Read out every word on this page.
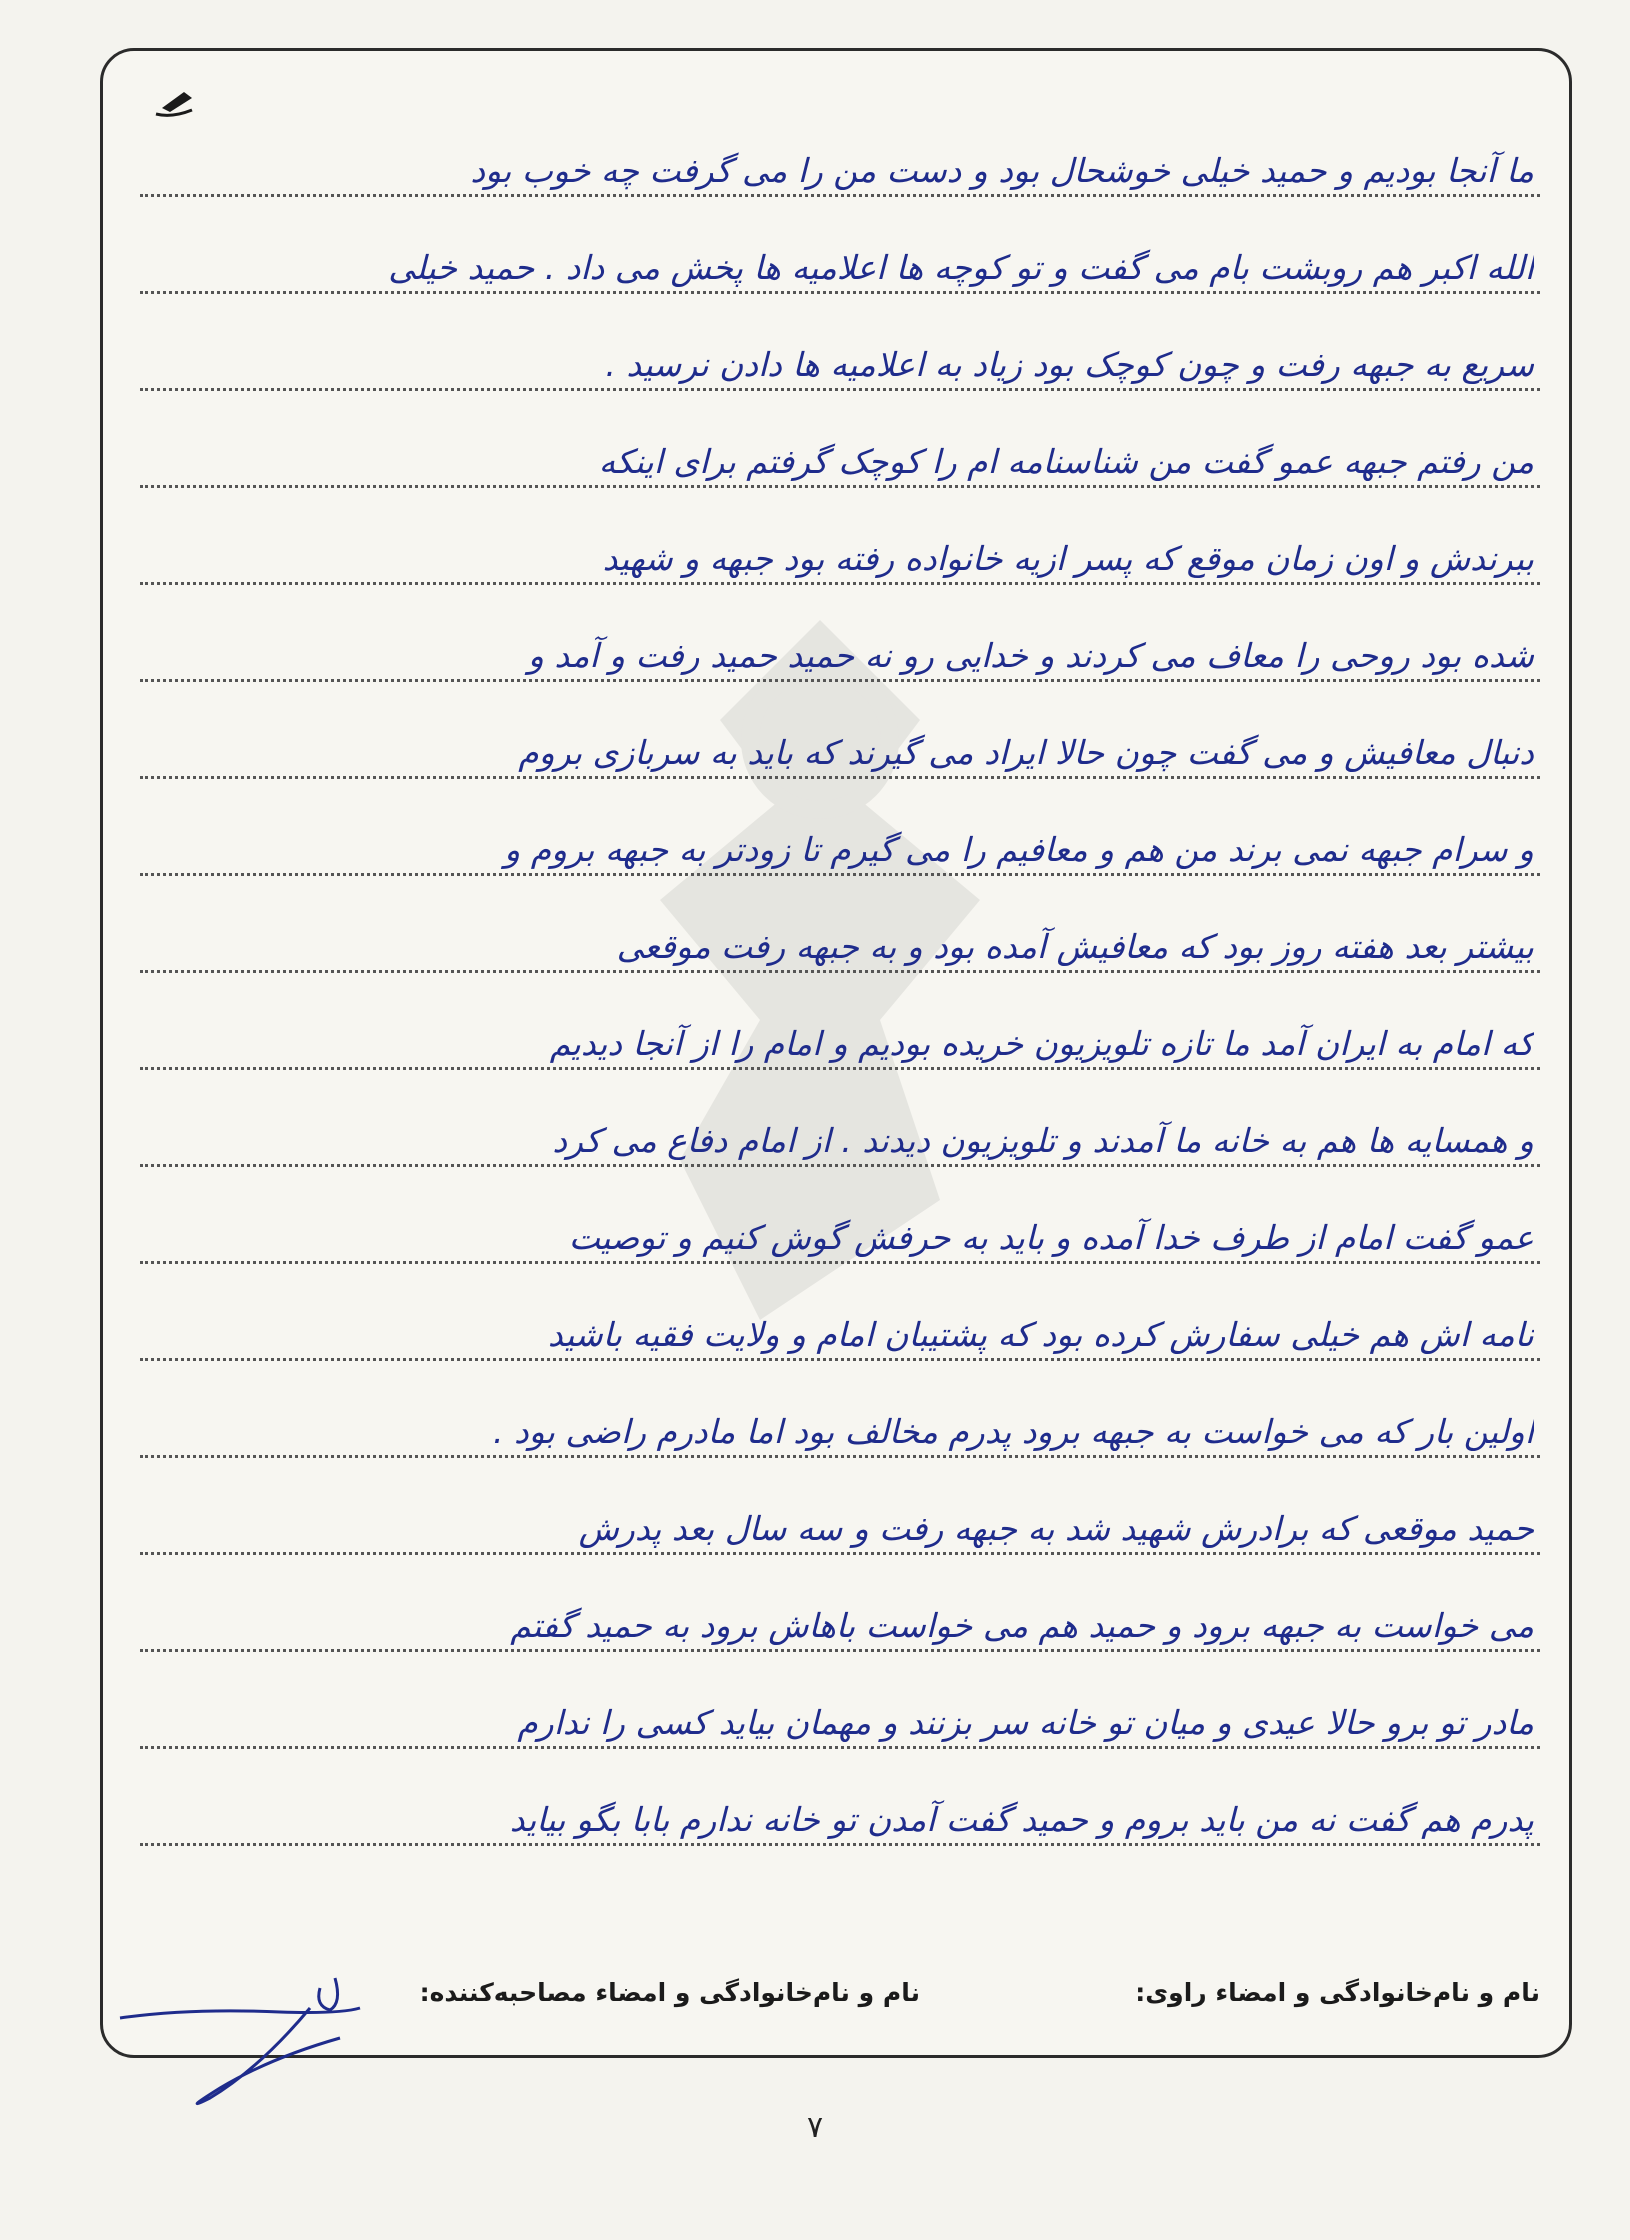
ما آنجا بودیم و حمید خیلی خوشحال بود و دست من را می گرفت چه خوب بود
الله اکبر هم روبشت بام می گفت و تو کوچه ها اعلامیه ها پخش می داد . حمید خیلی
سریع به جبهه رفت و چون کوچک بود زیاد به اعلامیه ها دادن نرسید .
من رفتم جبهه عمو گفت من شناسنامه ام را کوچک گرفتم برای اینکه
ببرندش و اون زمان موقع که پسر ازیه خانواده رفته بود جبهه و شهید
شده بود روحی را معاف می کردند و خدایی رو نه حمید حمید رفت و آمد و
دنبال معافیش و می گفت چون حالا ایراد می گیرند که باید به سربازی بروم
و سرام جبهه نمی برند من هم و معافیم را می گیرم تا زودتر به جبهه بروم و
بیشتر بعد هفته روز بود که معافیش آمده بود و به جبهه رفت موقعی
که امام به ایران آمد ما تازه تلویزیون خریده بودیم و امام را از آنجا دیدیم
و همسایه ها هم به خانه ما آمدند و تلویزیون دیدند . از امام دفاع می کرد
عمو گفت امام از طرف خدا آمده و باید به حرفش گوش کنیم و توصیت
نامه اش هم خیلی سفارش کرده بود که پشتیبان امام و ولایت فقیه باشید
اولین بار که می خواست به جبهه برود پدرم مخالف بود اما مادرم راضی بود .
حمید موقعی که برادرش شهید شد به جبهه رفت و سه سال بعد پدرش
می خواست به جبهه برود و حمید هم می خواست باهاش برود به حمید گفتم
مادر تو برو حالا عیدی و میان تو خانه سر بزنند و مهمان بیاید کسی را ندارم
پدرم هم گفت نه من باید بروم و حمید گفت آمدن تو خانه ندارم بابا بگو بیاید
نام و نام‌خانوادگی و امضاء راوی:
نام و نام‌خانوادگی و امضاء مصاحبه‌کننده:
۷
